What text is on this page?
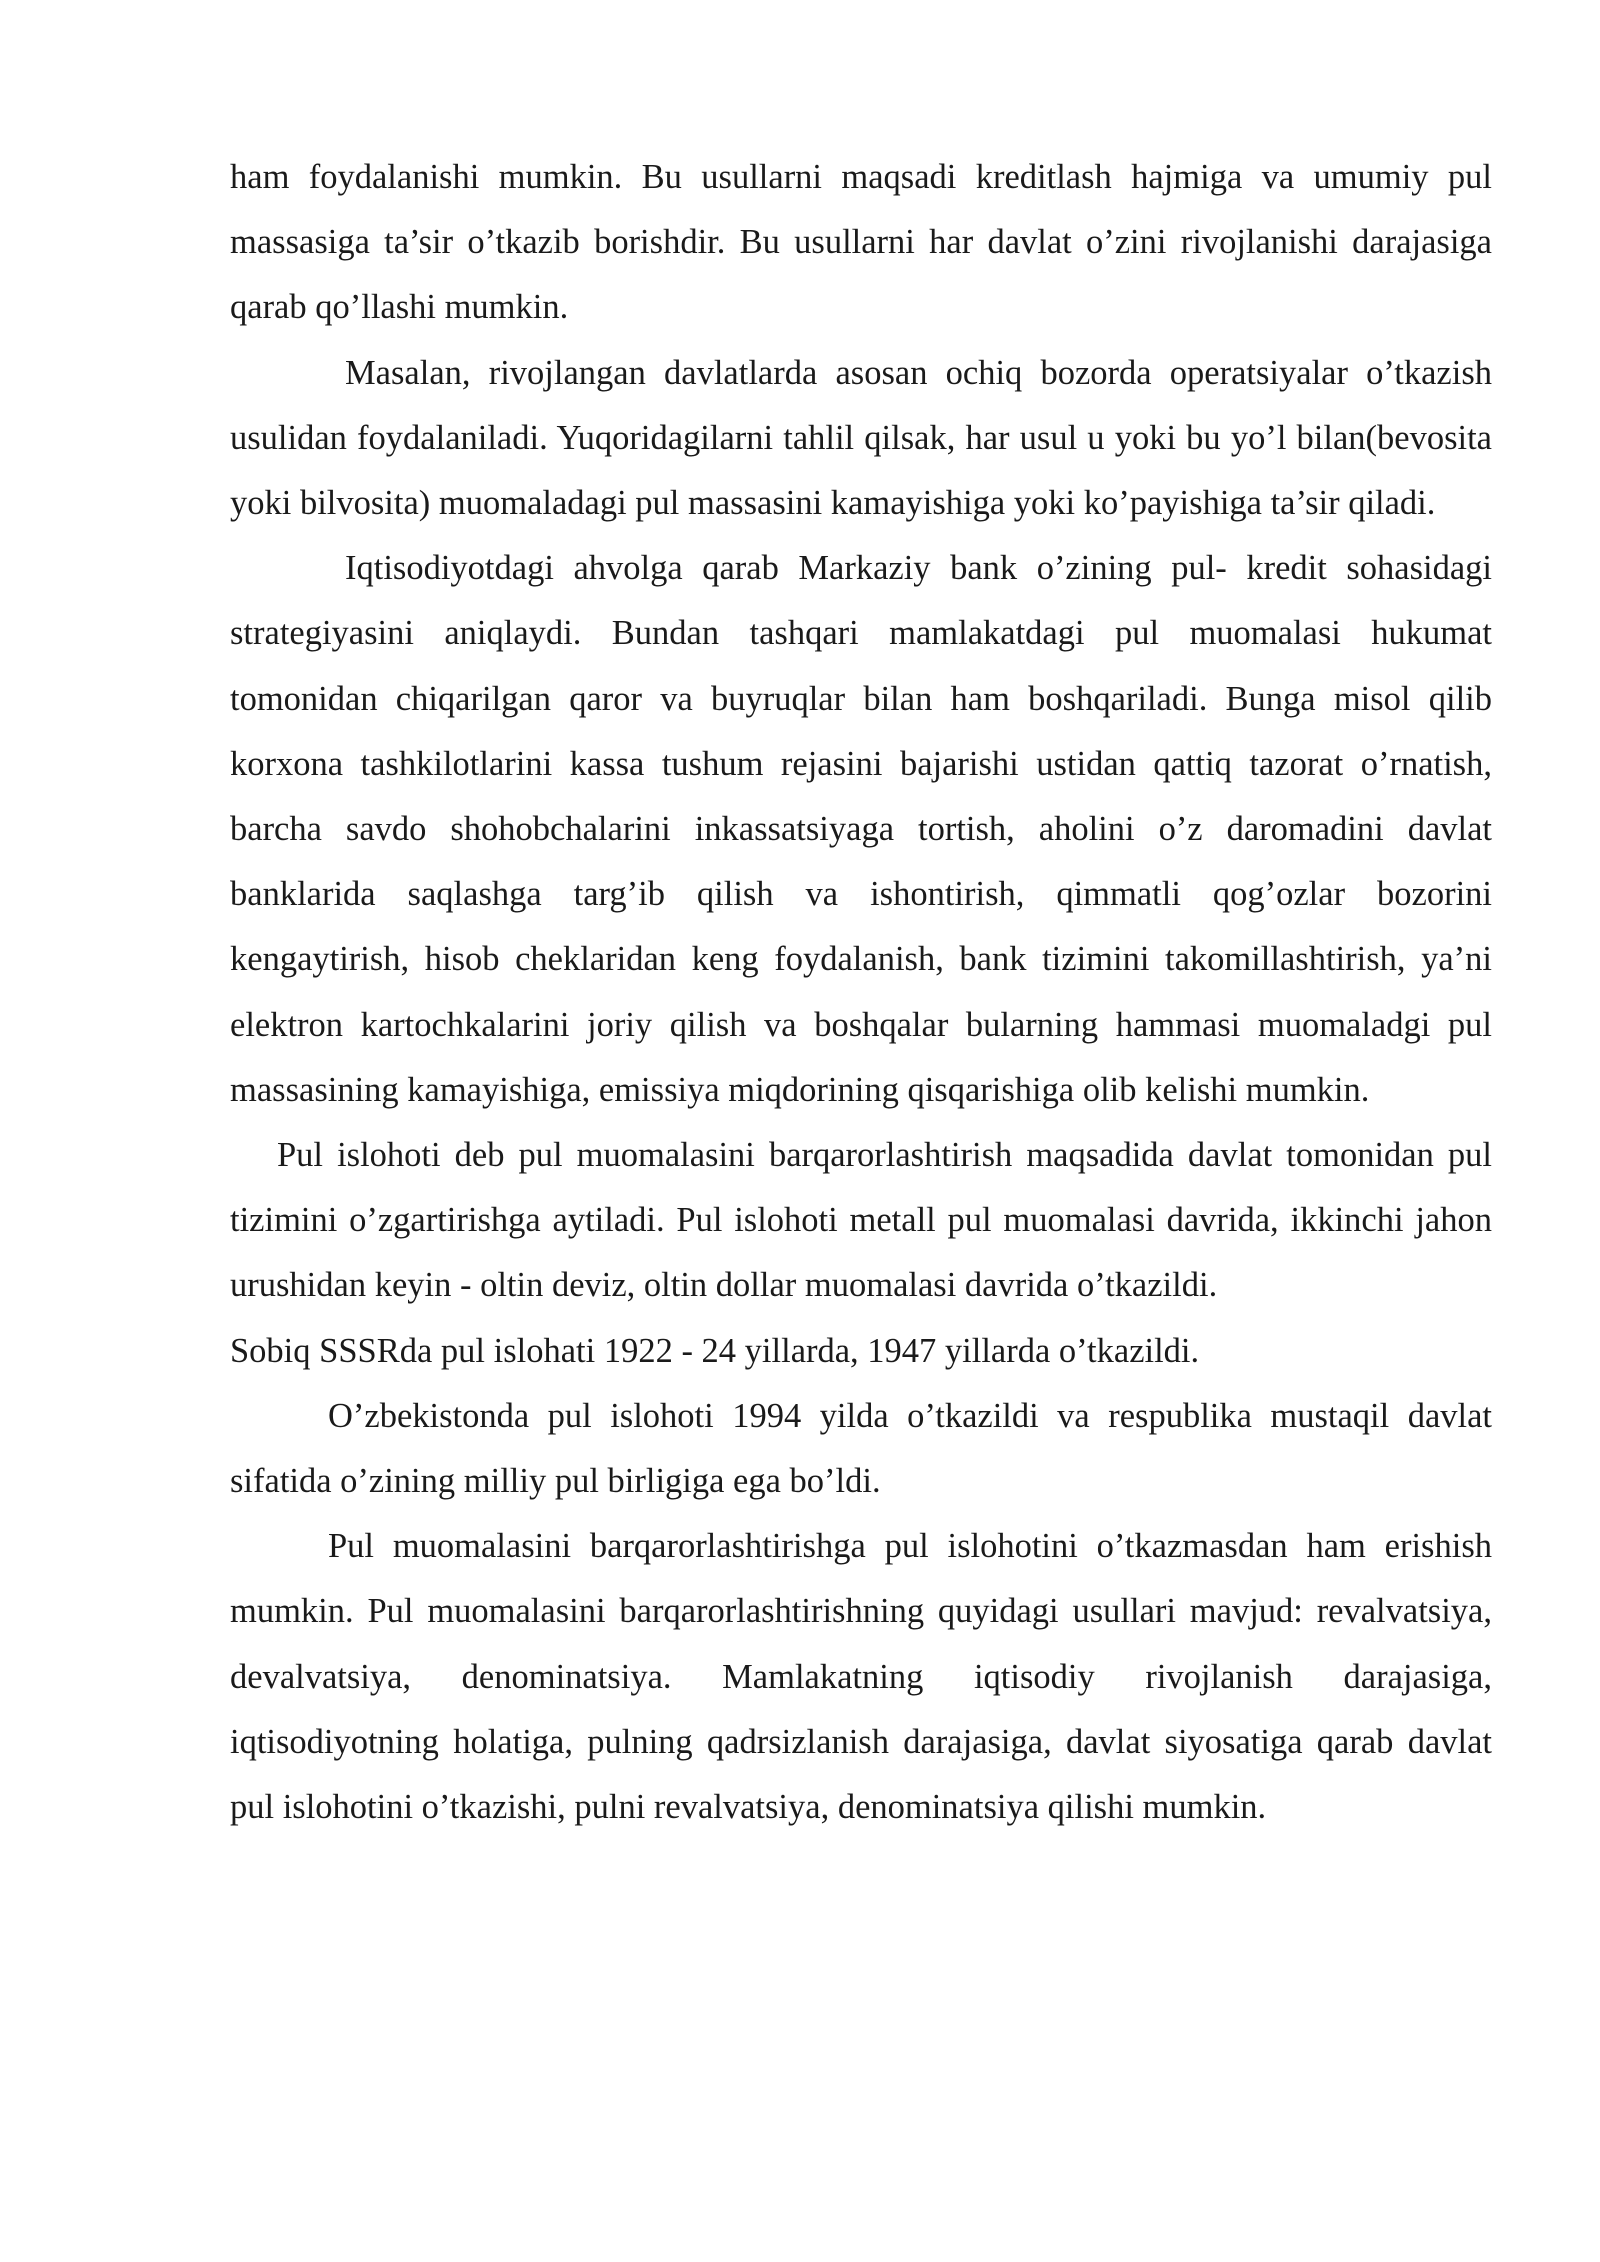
ham foydalanishi mumkin. Bu usullarni maqsadi kreditlash hajmiga va umumiy pul massasiga ta’sir o’tkazib borishdir. Bu usullarni har davlat o’zini rivojlanishi darajasiga qarab qo’llashi mumkin.

Masalan, rivojlangan davlatlarda asosan ochiq bozorda operatsiyalar o’tkazish usulidan foydalaniladi. Yuqoridagilarni tahlil qilsak, har usul u yoki bu yo’l bilan(bevosita yoki bilvosita) muomaladagi pul massasini kamayishiga yoki ko’payishiga ta’sir qiladi.

Iqtisodiyotdagi ahvolga qarab Markaziy bank o’zining pul- kredit sohasidagi strategiyasini aniqlaydi. Bundan tashqari mamlakatdagi pul muomalasi hukumat tomonidan chiqarilgan qaror va buyruqlar bilan ham boshqariladi. Bunga misol qilib korxona tashkilotlarini kassa tushum rejasini bajarishi ustidan qattiq tazorat o’rnatish, barcha savdo shohobchalarini inkassatsiyaga tortish, aholini o’z daromadini davlat banklarida saqlashga targ’ib qilish va ishontirish, qimmatli qog’ozlar bozorini kengaytirish, hisob cheklaridan keng foydalanish, bank tizimini takomillashtirish, ya’ni elektron kartochkalarini joriy qilish va boshqalar bularning hammasi muomaladgi pul massasining kamayishiga, emissiya miqdorining qisqarishiga olib kelishi mumkin.

Pul islohoti deb pul muomalasini barqarorlashtirish maqsadida davlat tomonidan pul tizimini o’zgartirishga aytiladi. Pul islohoti metall pul muomalasi davrida, ikkinchi jahon urushidan keyin - oltin deviz, oltin dollar muomalasi davrida o’tkazildi.

Sobiq SSSRda pul islohati 1922 - 24 yillarda, 1947 yillarda o’tkazildi.

O’zbekistonda pul islohoti 1994 yilda o’tkazildi va respublika mustaqil davlat sifatida o’zining milliy pul birligiga ega bo’ldi.

Pul muomalasini barqarorlashtirishga pul islohotini o’tkazmasdan ham erishish mumkin. Pul muomalasini barqarorlashtirishning quyidagi usullari mavjud: revalvatsiya, devalvatsiya, denominatsiya. Mamlakatning iqtisodiy rivojlanish darajasiga, iqtisodiyotning holatiga, pulning qadrsizlanish darajasiga, davlat siyosatiga qarab davlat pul islohotini o’tkazishi, pulni revalvatsiya, denominatsiya qilishi mumkin.
